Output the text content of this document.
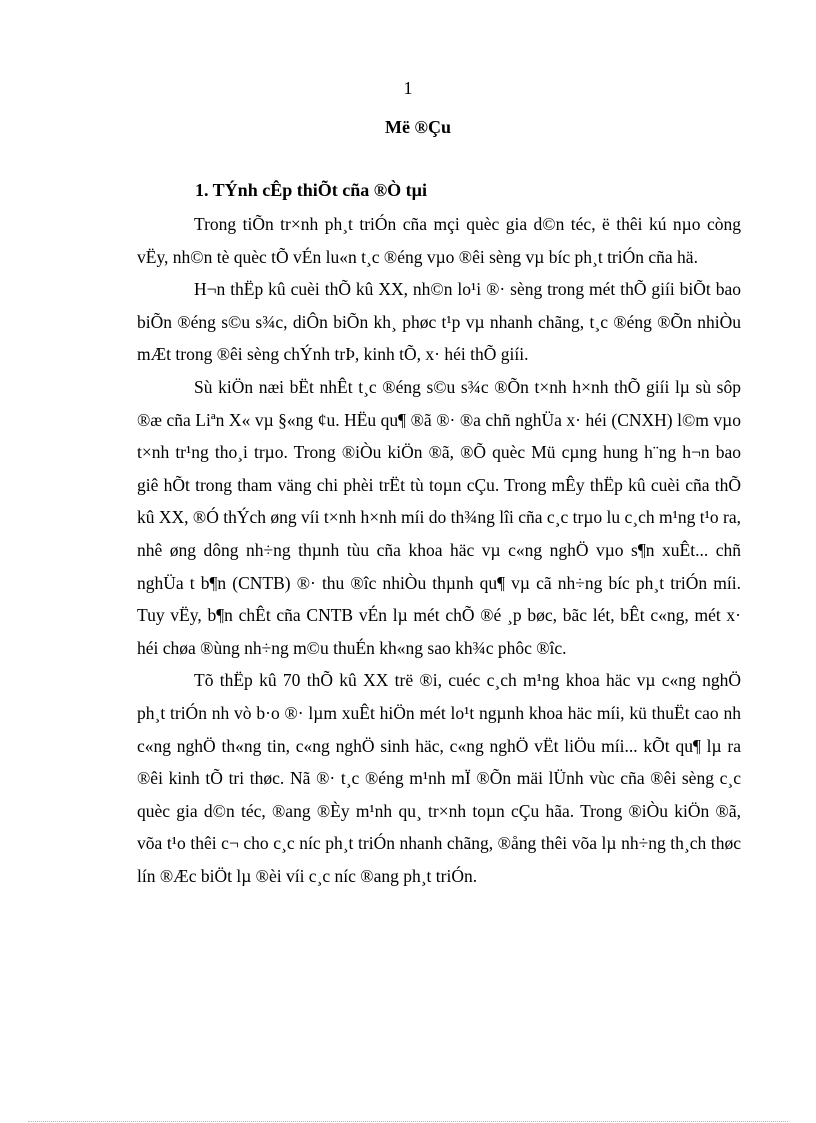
1
Më ®Çu
1. TÝnh cÊp thiÕt cña ®Ò tµi

Trong tiÕn tr×nh ph¸t triÓn cña mçi quèc gia d©n téc, ë thêi kú nµo còng vËy, nh©n tè quèc tÕ vÉn lu«n t¸c ®éng vµo ®êi sèng vµ bíc ph¸t triÓn cña hä.

H¬n thËp kû cuèi thÕ kû XX, nh©n lo¹i ®· sèng trong mét thÕ giíi biÕt bao biÕn ®éng s©u s¾c, diÔn biÕn kh¸ phøc t¹p vµ nhanh chãng, t¸c ®éng ®Õn nhiÒu mÆt trong ®êi sèng chÝnh trÞ, kinh tÕ, x· héi thÕ giíi.

Sù kiÖn næi bËt nhÊt t¸c ®éng s©u s¾c ®Õn t×nh h×nh thÕ giíi lµ sù sôp ®æ cña Liªn X« vµ §«ng ¢u. HËu qu¶ ®ã ®· ®a chñ nghÜa x· héi (CNXH) l©m vµo t×nh tr¹ng tho¸i trµo. Trong ®iÒu kiÖn ®ã, ®Õ quèc Mü cµng hung h¨ng h¬n bao giê hÕt trong tham väng chi phèi trËt tù toµn cÇu. Trong mÊy thËp kû cuèi cña thÕ kû XX, ®Ó thÝch øng víi t×nh h×nh míi do th¾ng lîi cña c¸c trµo lu c¸ch m¹ng t¹o ra, nhê øng dông nh÷ng thµnh tùu cña khoa häc vµ c«ng nghÖ vµo s¶n xuÊt... chñ nghÜa t b¶n (CNTB) ®· thu ®îc nhiÒu thµnh qu¶ vµ cã nh÷ng bíc ph¸t triÓn míi. Tuy vËy, b¶n chÊt cña CNTB vÉn lµ mét chÕ ®é ¸p bøc, bãc lét, bÊt c«ng, mét x· héi chøa ®ùng nh÷ng m©u thuÉn kh«ng sao kh¾c phôc ®îc.

Tõ thËp kû 70 thÕ kû XX trë ®i, cuéc c¸ch m¹ng khoa häc vµ c«ng nghÖ ph¸t triÓn nh vò b·o ®· lµm xuÊt hiÖn mét lo¹t ngµnh khoa häc míi, kü thuËt cao nh c«ng nghÖ th«ng tin, c«ng nghÖ sinh häc, c«ng nghÖ vËt liÖu míi... kÕt qu¶ lµ ra ®êi kinh tÕ tri thøc. Nã ®· t¸c ®éng m¹nh mÏ ®Õn mäi lÜnh vùc cña ®êi sèng c¸c quèc gia d©n téc, ®ang ®Èy m¹nh qu¸ tr×nh toµn cÇu hãa. Trong ®iÒu kiÖn ®ã, võa t¹o thêi c¬ cho c¸c níc ph¸t triÓn nhanh chãng, ®ång thêi võa lµ nh÷ng th¸ch thøc lín ®Æc biÖt lµ ®èi víi c¸c níc ®ang ph¸t triÓn.
